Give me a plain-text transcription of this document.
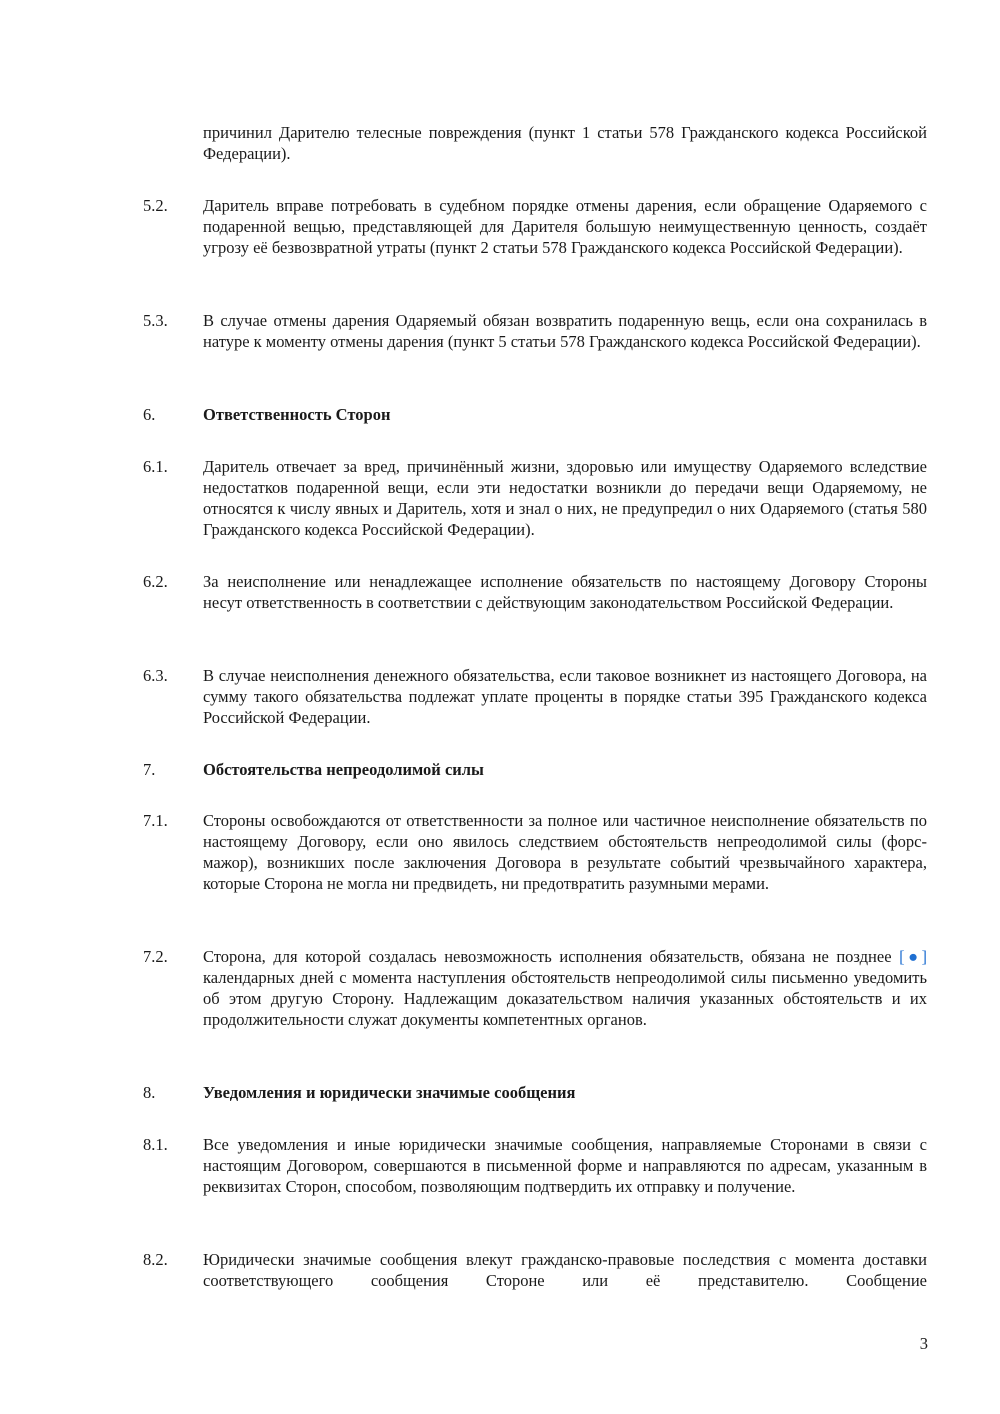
причинил Дарителю телесные повреждения (пункт 1 статьи 578 Гражданского кодекса Российской Федерации).
5.2. Даритель вправе потребовать в судебном порядке отмены дарения, если обращение Одаряемого с подаренной вещью, представляющей для Дарителя большую неимущественную ценность, создаёт угрозу её безвозвратной утраты (пункт 2 статьи 578 Гражданского кодекса Российской Федерации).
5.3. В случае отмены дарения Одаряемый обязан возвратить подаренную вещь, если она сохранилась в натуре к моменту отмены дарения (пункт 5 статьи 578 Гражданского кодекса Российской Федерации).
6.	Ответственность Сторон
6.1. Даритель отвечает за вред, причинённый жизни, здоровью или имуществу Одаряемого вследствие недостатков подаренной вещи, если эти недостатки возникли до передачи вещи Одаряемому, не относятся к числу явных и Даритель, хотя и знал о них, не предупредил о них Одаряемого (статья 580 Гражданского кодекса Российской Федерации).
6.2. За неисполнение или ненадлежащее исполнение обязательств по настоящему Договору Стороны несут ответственность в соответствии с действующим законодательством Российской Федерации.
6.3. В случае неисполнения денежного обязательства, если таковое возникнет из настоящего Договора, на сумму такого обязательства подлежат уплате проценты в порядке статьи 395 Гражданского кодекса Российской Федерации.
7.	Обстоятельства непреодолимой силы
7.1. Стороны освобождаются от ответственности за полное или частичное неисполнение обязательств по настоящему Договору, если оно явилось следствием обстоятельств непреодолимой силы (форс-мажор), возникших после заключения Договора в результате событий чрезвычайного характера, которые Сторона не могла ни предвидеть, ни предотвратить разумными мерами.
7.2. Сторона, для которой создалась невозможность исполнения обязательств, обязана не позднее [●] календарных дней с момента наступления обстоятельств непреодолимой силы письменно уведомить об этом другую Сторону. Надлежащим доказательством наличия указанных обстоятельств и их продолжительности служат документы компетентных органов.
8.	Уведомления и юридически значимые сообщения
8.1. Все уведомления и иные юридически значимые сообщения, направляемые Сторонами в связи с настоящим Договором, совершаются в письменной форме и направляются по адресам, указанным в реквизитах Сторон, способом, позволяющим подтвердить их отправку и получение.
8.2. Юридически значимые сообщения влекут гражданско-правовые последствия с момента доставки соответствующего сообщения Стороне или её представителю. Сообщение
3
